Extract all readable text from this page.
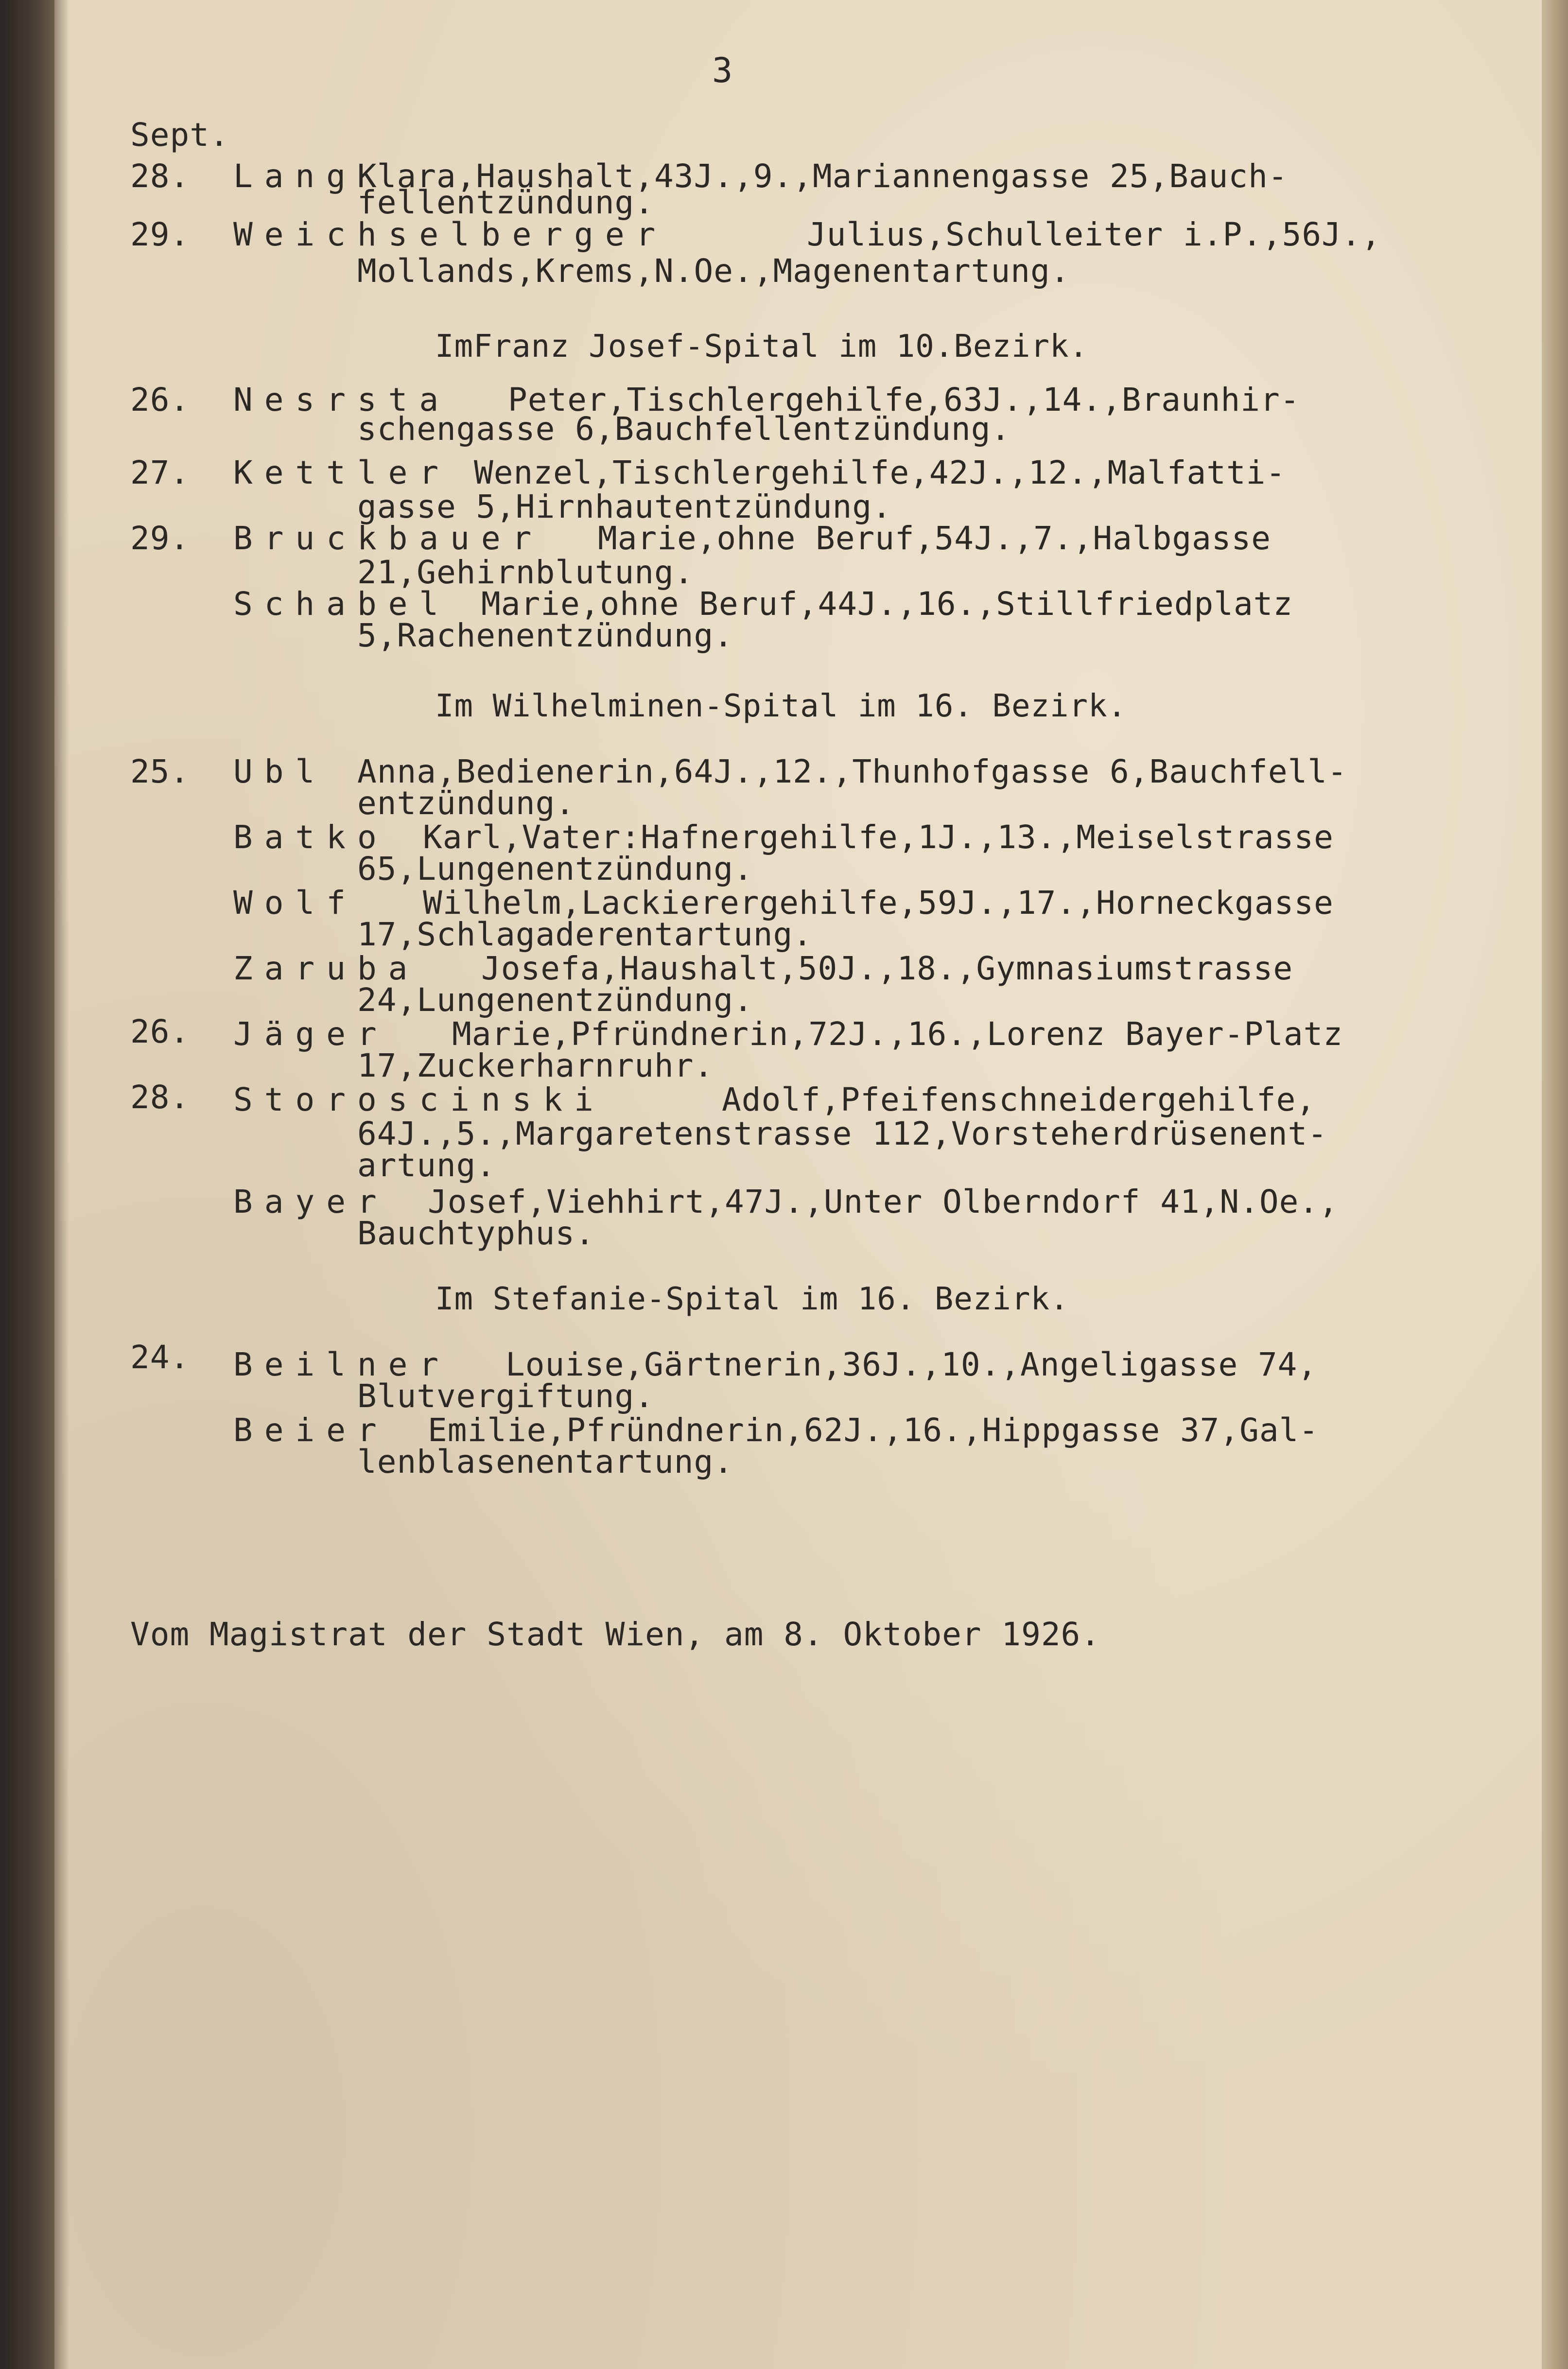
3

Sept.

28. Lang Klara,Haushalt,43J.,9.,Mariannengasse 25,Bauch-

fellentzündung.

29. Weichselberger	Julius,Schulleiter i.P.,56J.,

Mollands,Krems,N.Oe.,Magenentartung.

ImFranz Josef-Spital im 10.Bezirk.

26. Nesrsta Peter,Tischlergehilfe,63J.,14.,Braunhir-

schengasse 6,Bauchfellentzündung.

27. Kettler Wenzel,Tischlergehilfe,42J.,12.,Malfatti-

gasse 5,Hirnhautentzündung.

29. Bruckbauer Marie,ohne Beruf,54J.,7.,Halbgasse

21,Gehirnblutung.

Schabel Marie,ohne Beruf,44J.,16.,Stillfriedplatz

5,Rachenentzündung.

Im Wilhelminen-Spital im 16. Bezirk.

25. Ubl Anna,Bedienerin,64J.,12.,Thunhofgasse 6,Bauchfell-

entzündung.

Batko Karl,Vater:Hafnergehilfe,1J.,13.,Meiselstrasse

65,Lungenentzündung.

Wolf Wilhelm,Lackierergehilfe,59J.,17.,Horneckgasse

17,Schlagaderentartung.

Zaruba Josefa,Haushalt,50J.,18.,Gymnasiumstrasse

24,Lungenentzündung.

26. Jäger Marie,Pfründnerin,72J.,16.,Lorenz Bayer-Platz

17,Zuckerharnruhr.

28. Storoscinski	Adolf,Pfeifenschneidergehilfe,

64J.,5.,Margaretenstrasse 112,Vorsteherdrüsenent-

artung.

Bayer Josef,Viehhirt,47J.,Unter Olberndorf 41,N.Oe.,

Bauchtyphus.

Im Stefanie-Spital im 16. Bezirk.

24. Beilner Louise,Gärtnerin,36J.,10.,Angeligasse 74,

Blutvergiftung.

Beier Emilie,Pfründnerin,62J.,16.,Hippgasse 37,Gal-

lenblasenentartung.

Vom Magistrat der Stadt Wien, am 8. Oktober 1926.
